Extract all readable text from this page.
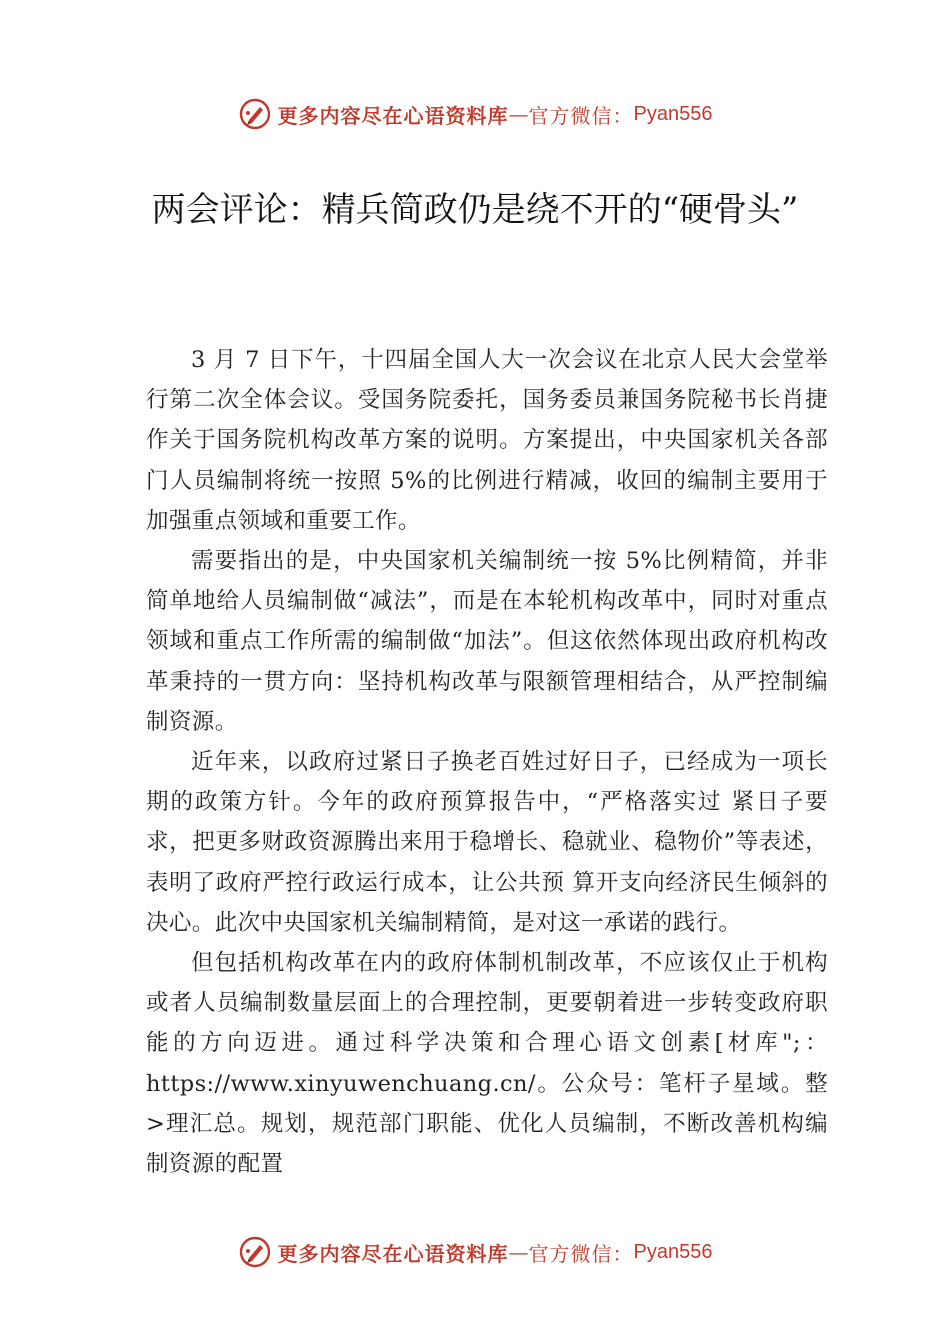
更多内容尽在心语资料库 — 官方微信： Pyan556
两会评论：精兵简政仍是绕不开的“硬骨头”

3 月 7 日下午，十四届全国人大一次会议在北京人民大会堂举行第二次全体会议。受国务院委托，国务委员兼国务院秘书长肖捷作关于国务院机构改革方案的说明。方案提出，中央国家机关各部门人员编制将统一按照 5%的比例进行精减，收回的编制主要用于加强重点领域和重要工作。

需要指出的是，中央国家机关编制统一按 5%比例精简，并非简单地给人员编制做“减法”，而是在本轮机构改革中，同时对重点领域和重点工作所需的编制做“加法”。但这依然体现出政府机构改革秉持的一贯方向：坚持机构改革与限额管理相结合，从严控制编制资源。

近年来，以政府过紧日子换老百姓过好日子，已经成为一项长期的政策方针。今年的政府预算报告中，“严格落实过 紧日子要求，把更多财政资源腾出来用于稳增长、稳就业、稳物价”等表述，表明了政府严控行政运行成本，让公共预 算开支向经济民生倾斜的决心。此次中央国家机关编制精简，是对这一承诺的践行。

但包括机构改革在内的政府体制机制改革，不应该仅止于机构或者人员编制数量层面上的合理控制，更要朝着进一步转变政府职能的方向迈进。通过科学决策和合理心语文创素[材库";：https://www.xinyuwenchuang.cn/。公众号：笔杆子星域。整>理汇总。规划，规范部门职能、优化人员编制，不断改善机构编制资源的配置

更多内容尽在心语资料库 — 官方微信： Pyan556
